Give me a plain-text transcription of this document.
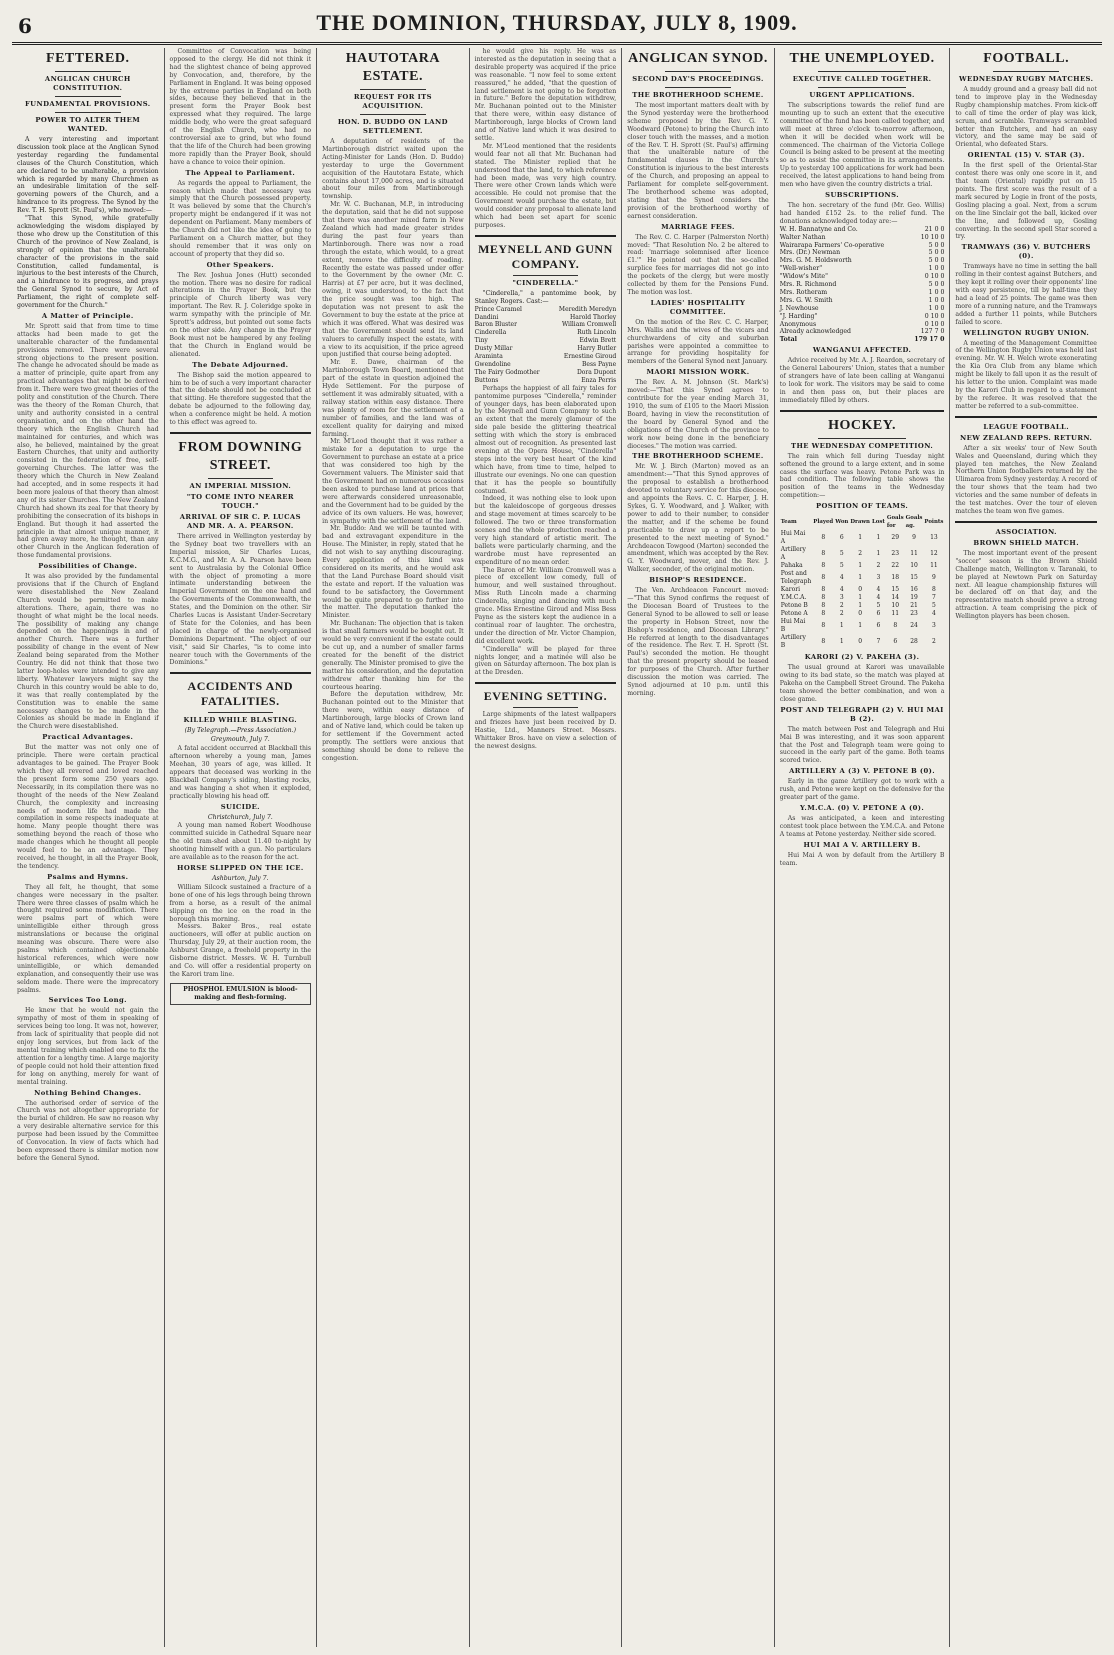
6	THE DOMINION, THURSDAY, JULY 8, 1909.
FETTERED.
ANGLICAN CHURCH CONSTITUTION.
FUNDAMENTAL PROVISIONS.
POWER TO ALTER THEM WANTED.

A very interesting and important discussion took place at the Anglican Synod yesterday regarding the fundamental clauses of the Church Constitution, which are declared to be unalterable, a provision which is regarded by many Churchmen as an undesirable limitation of the self-governing powers of the Church, and a hindrance to its progress. The Synod by the Rev. T. H. Sprott (St. Paul's), who moved:—

"That this Synod, while gratefully acknowledging the wisdom displayed by those who drew up the Constitution of this Church of the province of New Zealand, is strongly of opinion that the unalterable character of the provisions in the said Constitution, called fundamental, is injurious to the best interests of the Church, and a hindrance to its progress, and prays the General Synod to secure, by Act of Parliament, the right of complete self-government for the Church."

A Matter of Principle.

Mr. Sprott said that from time to time attacks had been made to get the unalterable character of the fundamental provisions removed. There were several strong objections to the present position. The change he advocated should be made as a matter of principle, quite apart from any practical advantages that might be derived from it. There were two great theories of the polity and constitution of the Church. There was the theory of the Roman Church, that unity and authority consisted in a central organisation, and on the other hand the theory which the English Church had maintained for centuries, and which was also, he believed, maintained by the great Eastern Churches, that unity and authority consisted in the federation of free, self-governing Churches. The latter was the theory which the Church in New Zealand had accepted, and in some respects it had been more jealous of that theory than almost any of its sister Churches. The New Zealand Church had shown its zeal for that theory by prohibiting the consecration of its bishops in England. But though it had asserted the principle in that almost unique manner, it had given away more, he thought, than any other Church in the Anglican federation of those fundamental provisions.

Possibilities of Change.

It was also provided by the fundamental provisions that if the Church of England were disestablished the New Zealand Church would be permitted to make alterations. There, again, there was no thought of what might be the local needs. The possibility of making any change depended on the happenings in and of another Church. There was a further possibility of change in the event of New Zealand being separated from the Mother Country. He did not think that those two latter loop-holes were intended to give any liberty. Whatever lawyers might say the Church in this country would be able to do, it was that really contemplated by the Constitution was to enable the same necessary changes to be made in the Colonies as should be made in England if the Church were disestablished.

Practical Advantages.

But the matter was not only one of principle. There were certain practical advantages to be gained. The Prayer Book which they all revered and loved reached the present form some 250 years ago. Necessarily, in its compilation there was no thought of the needs of the New Zealand Church, the complexity and increasing needs of modern life had made the compilation in some respects inadequate at home. Many people thought there was something beyond the reach of those who made changes which he thought all people would feel to be an advantage. They received, he thought, in all the Prayer Book, the tendency.

Psalms and Hymns.

They all felt, he thought, that some changes were necessary in the psalter. There were three classes of psalm which he thought required some modification. There were psalms part of which were unintelligible either through gross mistranslations or because the original meaning was obscure. There were also psalms which contained objectionable historical references, which were now unintelligible, or which demanded explanation, and consequently their use was seldom made. There were the imprecatory psalms.

Services Too Long.

He knew that he would not gain the sympathy of most of them in speaking of services being too long. It was not, however, from lack of spirituality that people did not enjoy long services, but from lack of the mental training which enabled one to fix the attention for a lengthy time. A large majority of people could not hold their attention fixed for long on anything, merely for want of mental training.

Nothing Behind Changes.

The authorised order of service of the Church was not altogether appropriate for the burial of children. He saw no reason why a very desirable alternative service for this purpose had been issued by the Committee of Convocation. In view of facts which had been expressed there is similar motion now before the General Synod.

Committee of Convocation was being opposed to the clergy. He did not think it had the slightest chance of being approved by Convocation, and, therefore, by the Parliament in England. It was being opposed by the extreme parties in England on both sides, because they believed that in the present form the Prayer Book best expressed what they required. The large middle body, who were the great safeguard of the English Church, who had no controversial axe to grind, but who found that the life of the Church had been growing more rapidly than the Prayer Book, should have a chance to voice their opinion.

The Appeal to Parliament.

As regards the appeal to Parliament, the reason which made that necessary was simply that the Church possessed property. It was believed by some that the Church's property might be endangered if it was not dependent on Parliament. Many members of the Church did not like the idea of going to Parliament on a Church matter, but they should remember that it was only on account of property that they did so.

Other Speakers.

The Rev. Joshua Jones (Hutt) seconded the motion. There was no desire for radical alterations in the Prayer Book, but the principle of Church liberty was very important. The Rev. R. J. Coleridge spoke in warm sympathy with the principle of Mr. Sprott's address, but pointed out some facts on the other side. Any change in the Prayer Book must not be hampered by any feeling that the Church in England would be alienated.

The Debate Adjourned.

The Bishop said the motion appeared to him to be of such a very important character that the debate should not be concluded at that sitting. He therefore suggested that the debate be adjourned to the following day, when a conference might be held. A motion to this effect was agreed to.

FROM DOWNING STREET.
AN IMPERIAL MISSION.
"TO COME INTO NEARER TOUCH."
ARRIVAL OF SIR C. P. LUCAS AND MR. A. A. PEARSON.

There arrived in Wellington yesterday by the Sydney boat two travellers with an Imperial mission, Sir Charles Lucas, K.C.M.G., and Mr. A. A. Pearson have been sent to Australasia by the Colonial Office with the object of promoting a more intimate understanding between the Imperial Government on the one hand and the Governments of the Commonwealth, the States, and the Dominion on the other. Sir Charles Lucas is Assistant Under-Secretary of State for the Colonies, and has been placed in charge of the newly-organised Dominions Department. "The object of our visit," said Sir Charles, "is to come into nearer touch with the Governments of the Dominions."

ACCIDENTS AND FATALITIES.
KILLED WHILE BLASTING.
(By Telegraph.—Press Association.)
Greymouth, July 7.

A fatal accident occurred at Blackball this afternoon whereby a young man, James Meehan, 30 years of age, was killed. It appears that deceased was working in the Blackball Company's siding, blasting rocks, and was hanging a shot when it exploded, practically blowing his head off.

SUICIDE.
Christchurch, July 7.

A young man named Robert Woodhouse committed suicide in Cathedral Square near the old tram-shed about 11.40 to-night by shooting himself with a gun. No particulars are available as to the reason for the act.

HORSE SLIPPED ON THE ICE.
Ashburton, July 7.

William Silcock sustained a fracture of a bone of one of his legs through being thrown from a horse, as a result of the animal slipping on the ice on the road in the borough this morning.

Messrs. Baker Bros., real estate auctioneers, will offer at public auction on Thursday, July 29, at their auction room, the Ashburst Grange, a freehold property in the Gisborne district. Messrs. W. H. Turnbull and Co. will offer a residential property on the Karori tram line.

PHOSPHOL EMULSION is blood-making and flesh-forming.
HAUTOTARA ESTATE.
REQUEST FOR ITS ACQUISITION.
HON. D. BUDDO ON LAND SETTLEMENT.

A deputation of residents of the Martinborough district waited upon the Acting-Minister for Lands (Hon. D. Buddo) yesterday to urge the Government acquisition of the Hautotara Estate, which contains about 17,000 acres, and is situated about four miles from Martinborough township.

Mr. W. C. Buchanan, M.P., in introducing the deputation, said that he did not suppose that there was another mixed farm in New Zealand which had made greater strides during the past four years than Martinborough. There was now a road through the estate, which would, to a great extent, remove the difficulty of roading. Recently the estate was passed under offer to the Government by the owner (Mr. C. Harris) at £7 per acre, but it was declined, owing, it was understood, to the fact that the price sought was too high. The deputation was not present to ask the Government to buy the estate at the price at which it was offered. What was desired was that the Government should send its land valuers to carefully inspect the estate, with a view to its acquisition, if the price agreed upon justified that course being adopted.

Mr. E. Dawe, chairman of the Martinborough Town Board, mentioned that part of the estate in question adjoined the Hyde Settlement. For the purpose of settlement it was admirably situated, with a railway station within easy distance. There was plenty of room for the settlement of a number of families, and the land was of excellent quality for dairying and mixed farming.

Mr. M'Leod thought that it was rather a mistake for a deputation to urge the Government to purchase an estate at a price that was considered too high by the Government valuers. The Minister said that the Government had on numerous occasions been asked to purchase land at prices that were afterwards considered unreasonable, and the Government had to be guided by the advice of its own valuers. He was, however, in sympathy with the settlement of the land.

Mr. Buddo: And we will be taunted with bad and extravagant expenditure in the House. The Minister, in reply, stated that he did not wish to say anything discouraging. Every application of this kind was considered on its merits, and he would ask that the Land Purchase Board should visit the estate and report. If the valuation was found to be satisfactory, the Government would be quite prepared to go further into the matter. The deputation thanked the Minister.

Mr. Buchanan: The objection that is taken is that small farmers would be bought out. It would be very convenient if the estate could be cut up, and a number of smaller farms created for the benefit of the district generally. The Minister promised to give the matter his consideration, and the deputation withdrew after thanking him for the courteous hearing.

Before the deputation withdrew, Mr. Buchanan pointed out to the Minister that there were, within easy distance of Martinborough, large blocks of Crown land and of Native land, which could be taken up for settlement if the Government acted promptly. The settlers were anxious that something should be done to relieve the congestion.

he would give his reply. He was as interested as the deputation in seeing that a desirable property was acquired if the price was reasonable. "I now feel to some extent reassured," he added, "that the question of land settlement is not going to be forgotten in future." Before the deputation withdrew, Mr. Buchanan pointed out to the Minister that there were, within easy distance of Martinborough, large blocks of Crown land and of Native land which it was desired to settle.

Mr. M'Leod mentioned that the residents would fear not all that Mr. Buchanan had stated. The Minister replied that he understood that the land, to which reference had been made, was very high country. There were other Crown lands which were accessible. He could not promise that the Government would purchase the estate, but would consider any proposal to alienate land which had been set apart for scenic purposes.

MEYNELL AND GUNN COMPANY.
"CINDERELLA."

"Cinderella," a pantomime book, by Stanley Rogers. Cast:—

Prince Caramel	Meredith Meredyn
Dandini	Harold Thorley
Baron Bluster	William Cromwell
Cinderella	Ruth Lincoln
Tiny	Edwin Brett
Dusty Millar	Harry Butler
Araminta	Ernestine Giroud
Gwendoline	Bess Payne
The Fairy Godmother	Dora Dupont
Buttons	Enza Perris

Perhaps the happiest of all fairy tales for pantomime purposes "Cinderella," reminder of younger days, has been elaborated upon by the Meynell and Gunn Company to such an extent that the merely glamour of the side pale beside the glittering theatrical setting with which the story is embraced almost out of recognition. As presented last evening at the Opera House, "Cinderella" steps into the very best heart of the kind which have, from time to time, helped to illustrate our evenings. No one can question that it has the people so bountifully costumed.

Indeed, it was nothing else to look upon but the kaleidoscope of gorgeous dresses and stage movement at times scarcely to be followed. The two or three transformation scenes and the whole production reached a very high standard of artistic merit. The ballets were particularly charming, and the wardrobe must have represented an expenditure of no mean order.

The Baron of Mr. William Cromwell was a piece of excellent low comedy, full of humour, and well sustained throughout. Miss Ruth Lincoln made a charming Cinderella, singing and dancing with much grace. Miss Ernestine Giroud and Miss Bess Payne as the sisters kept the audience in a continual roar of laughter. The orchestra, under the direction of Mr. Victor Champion, did excellent work.

"Cinderella" will be played for three nights longer, and a matinée will also be given on Saturday afternoon. The box plan is at the Dresden.

EVENING SETTING.

Large shipments of the latest wallpapers and friezes have just been received by D. Hastie, Ltd., Manners Street. Messrs. Whittaker Bros. have on view a selection of the newest designs.

ANGLICAN SYNOD.
SECOND DAY'S PROCEEDINGS.
THE BROTHERHOOD SCHEME.

The most important matters dealt with by the Synod yesterday were the brotherhood scheme proposed by the Rev. G. Y. Woodward (Petone) to bring the Church into closer touch with the masses, and a motion of the Rev. T. H. Sprott (St. Paul's) affirming that the unalterable nature of the fundamental clauses in the Church's Constitution is injurious to the best interests of the Church, and proposing an appeal to Parliament for complete self-government. The brotherhood scheme was adopted, stating that the Synod considers the provision of the brotherhood worthy of earnest consideration.

MARRIAGE FEES.

The Rev. C. C. Harper (Palmerston North) moved: "That Resolution No. 2 be altered to read: 'marriage solemnised after licence £1.'" He pointed out that the so-called surplice fees for marriages did not go into the pockets of the clergy, but were mostly collected by them for the Pensions Fund. The motion was lost.

LADIES' HOSPITALITY COMMITTEE.

On the motion of the Rev. C. C. Harper, Mrs. Wallis and the wives of the vicars and churchwardens of city and suburban parishes were appointed a committee to arrange for providing hospitality for members of the General Synod next January.

MAORI MISSION WORK.

The Rev. A. M. Johnson (St. Mark's) moved:—"That this Synod agrees to contribute for the year ending March 31, 1910, the sum of £105 to the Maori Mission Board, having in view the reconstitution of the board by General Synod and the obligations of the Church of the province to work now being done in the beneficiary dioceses." The motion was carried.

THE BROTHERHOOD SCHEME.

Mr. W. J. Birch (Marton) moved as an amendment:—"That this Synod approves of the proposal to establish a brotherhood devoted to voluntary service for this diocese, and appoints the Revs. C. C. Harper, J. H. Sykes, G. Y. Woodward, and J. Walker, with power to add to their number, to consider the matter, and if the scheme be found practicable to draw up a report to be presented to the next meeting of Synod." Archdeacon Towgood (Marton) seconded the amendment, which was accepted by the Rev. G. Y. Woodward, mover, and the Rev. J. Walker, seconder, of the original motion.

BISHOP'S RESIDENCE.

The Ven. Archdeacon Fancourt moved:—"That this Synod confirms the request of the Diocesan Board of Trustees to the General Synod to be allowed to sell or lease the property in Hobson Street, now the Bishop's residence, and Diocesan Library." He referred at length to the disadvantages of the residence. The Rev. T. H. Sprott (St. Paul's) seconded the motion. He thought that the present property should be leased for purposes of the Church. After further discussion the motion was carried. The Synod adjourned at 10 p.m. until this morning.

THE UNEMPLOYED.
EXECUTIVE CALLED TOGETHER.
URGENT APPLICATIONS.

The subscriptions towards the relief fund are mounting up to such an extent that the executive committee of the fund has been called together, and will meet at three o'clock to-morrow afternoon, when it will be decided when work will be commenced. The chairman of the Victoria College Council is being asked to be present at the meeting so as to assist the committee in its arrangements. Up to yesterday 100 applications for work had been received, the latest applications to hand being from men who have given the country districts a trial.

SUBSCRIPTIONS.

The hon. secretary of the fund (Mr. Geo. Willis) had handed £152 2s. to the relief fund. The donations acknowledged today are:—

W. H. Bannatyne and Co.	21 0 0
Walter Nathan	10 10 0
Wairarapa Farmers' Co-operative	5 0 0
Mrs. (Dr.) Newman	5 0 0
Mrs. G. M. Holdsworth	5 0 0
"Well-wisher"	1 0 0
"Widow's Mite"	0 10 0
Mrs. R. Richmond	5 0 0
Mrs. Rotheram	1 0 0
Mrs. G. W. Smith	1 0 0
J. Newhouse	1 0 0
"J. Harding"	0 10 0
Anonymous	0 10 0
Already acknowledged	127 7 0
Total	179 17 0
WANGANUI AFFECTED.

Advice received by Mr. A. J. Reardon, secretary of the General Labourers' Union, states that a number of strangers have of late been calling at Wanganui to look for work. The visitors may be said to come in and then pass on, but their places are immediately filled by others.

HOCKEY.
THE WEDNESDAY COMPETITION.

The rain which fell during Tuesday night softened the ground to a large extent, and in some cases the surface was heavy. Petone Park was in bad condition. The following table shows the position of the teams in the Wednesday competition:—

POSITION OF TEAMS.
Team	Played	Won	Drawn	Lost	Goals for	Goals ag.	Points
Hui Mai A	8	6	1	1	29	9	13
Artillery A	8	5	2	1	23	11	12
Pahaka	8	5	1	2	22	10	11
Post and Telegraph	8	4	1	3	18	15	9
Karori	8	4	0	4	15	16	8
Y.M.C.A.	8	3	1	4	14	19	7
Petone B	8	2	1	5	10	21	5
Petone A	8	2	0	6	11	23	4
Hui Mai B	8	1	1	6	8	24	3
Artillery B	8	1	0	7	6	28	2
KARORI (2) V. PAKEHA (3).

The usual ground at Karori was unavailable owing to its bad state, so the match was played at Pakeha on the Campbell Street Ground. The Pakeha team showed the better combination, and won a close game.

POST AND TELEGRAPH (2) V. HUI MAI B (2).

The match between Post and Telegraph and Hui Mai B was interesting, and it was soon apparent that the Post and Telegraph team were going to succeed in the early part of the game. Both teams scored twice.

ARTILLERY A (3) V. PETONE B (0).

Early in the game Artillery got to work with a rush, and Petone were kept on the defensive for the greater part of the game.

Y.M.C.A. (0) V. PETONE A (0).

As was anticipated, a keen and interesting contest took place between the Y.M.C.A. and Petone A teams at Petone yesterday. Neither side scored.

HUI MAI A V. ARTILLERY B.

Hui Mai A won by default from the Artillery B team.

FOOTBALL.
WEDNESDAY RUGBY MATCHES.

A muddy ground and a greasy ball did not tend to improve play in the Wednesday Rugby championship matches. From kick-off to call of time the order of play was kick, scrum, and scramble. Tramways scrambled better than Butchers, and had an easy victory, and the same may be said of Oriental, who defeated Stars.

ORIENTAL (15) V. STAR (3).

In the first spell of the Oriental-Star contest there was only one score in it, and that team (Oriental) rapidly put on 15 points. The first score was the result of a mark secured by Logie in front of the posts, Gosling placing a goal. Next, from a scrum on the line Sinclair got the ball, kicked over the line, and followed up, Gosling converting. In the second spell Star scored a try.

TRAMWAYS (36) V. BUTCHERS (0).

Tramways have no time in setting the ball rolling in their contest against Butchers, and they kept it rolling over their opponents' line with easy persistence, till by half-time they had a lead of 25 points. The game was then more of a running nature, and the Tramways added a further 11 points, while Butchers failed to score.

WELLINGTON RUGBY UNION.

A meeting of the Management Committee of the Wellington Rugby Union was held last evening. Mr. W. H. Welch wrote exonerating the Kia Ora Club from any blame which might be likely to fall upon it as the result of his letter to the union. Complaint was made by the Karori Club in regard to a statement by the referee. It was resolved that the matter be referred to a sub-committee.

LEAGUE FOOTBALL.
NEW ZEALAND REPS. RETURN.

After a six weeks' tour of New South Wales and Queensland, during which they played ten matches, the New Zealand Northern Union footballers returned by the Ulimaroa from Sydney yesterday. A record of the tour shows that the team had two victories and the same number of defeats in the test matches. Over the tour of eleven matches the team won five games.

ASSOCIATION.
BROWN SHIELD MATCH.

The most important event of the present "soccer" season is the Brown Shield Challenge match, Wellington v. Taranaki, to be played at Newtown Park on Saturday next. All league championship fixtures will be declared off on that day, and the representative match should prove a strong attraction. A team comprising the pick of Wellington players has been chosen.
